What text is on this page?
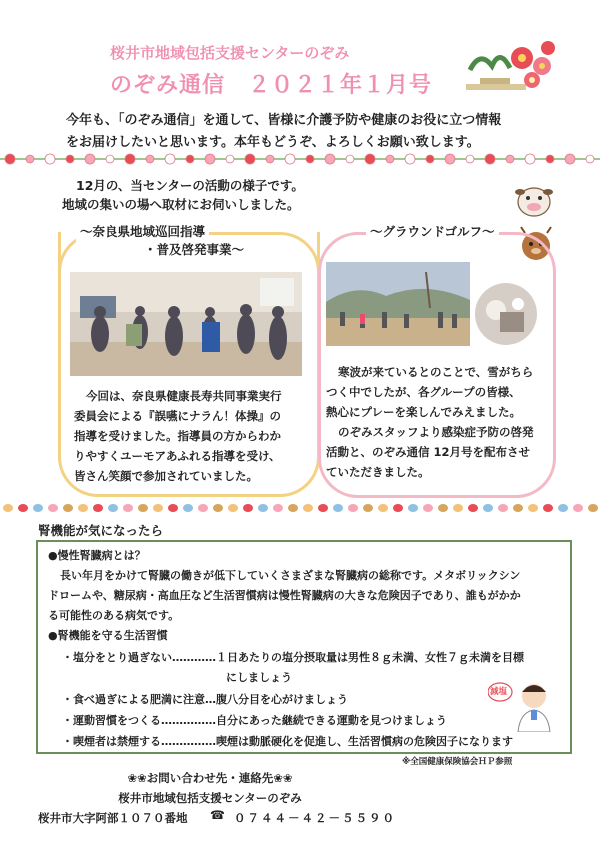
桜井市地域包括支援センターのぞみ
のぞみ通信　２０２１年１月号
今年も、「のぞみ通信」を通して、皆様に介護予防や健康のお役に立つ情報
をお届けしたいと思います。本年もどうぞ、よろしくお願い致します。
12月の、当センターの活動の様子です。
地域の集いの場へ取材にお伺いしました。
～奈良県地域巡回指導
・普及啓発事業～
今回は、奈良県健康長寿共同事業実行
委員会による『誤嚥にナラん！体操』の
指導を受けました。指導員の方からわか
りやすくユーモアあふれる指導を受け、
皆さん笑顔で参加されていました。
～グラウンドゴルフ～
寒波が来ているとのことで、雪がちら
つく中でしたが、各グループの皆様、
熱心にプレーを楽しんでみえました。
のぞみスタッフより感染症予防の啓発
活動と、のぞみ通信 12月号を配布させ
ていただきました。
腎機能が気になったら
●慢性腎臓病とは？
長い年月をかけて腎臓の働きが低下していくさまざまな腎臓病の総称です。メタボリックシン
ドロームや、糖尿病・高血圧など生活習慣病は慢性腎臓病の大きな危険因子であり、誰もがかか
る可能性のある病気です。
●腎機能を守る生活習慣
・塩分をとり過ぎない…………１日あたりの塩分摂取量は男性８ｇ未満、女性７ｇ未満を目標
にしましょう
・食べ過ぎによる肥満に注意…腹八分目を心がけましょう
・運動習慣をつくる……………自分にあった継続できる運動を見つけましょう
・喫煙者は禁煙する……………喫煙は動脈硬化を促進し、生活習慣病の危険因子になります
減塩
※全国健康保険協会ＨＰ参照
❀❀お問い合わせ先・連絡先❀❀
桜井市地域包括支援センターのぞみ
桜井市大字阿部１０７０番地 ☎ ０７４４－４２－５５９０
